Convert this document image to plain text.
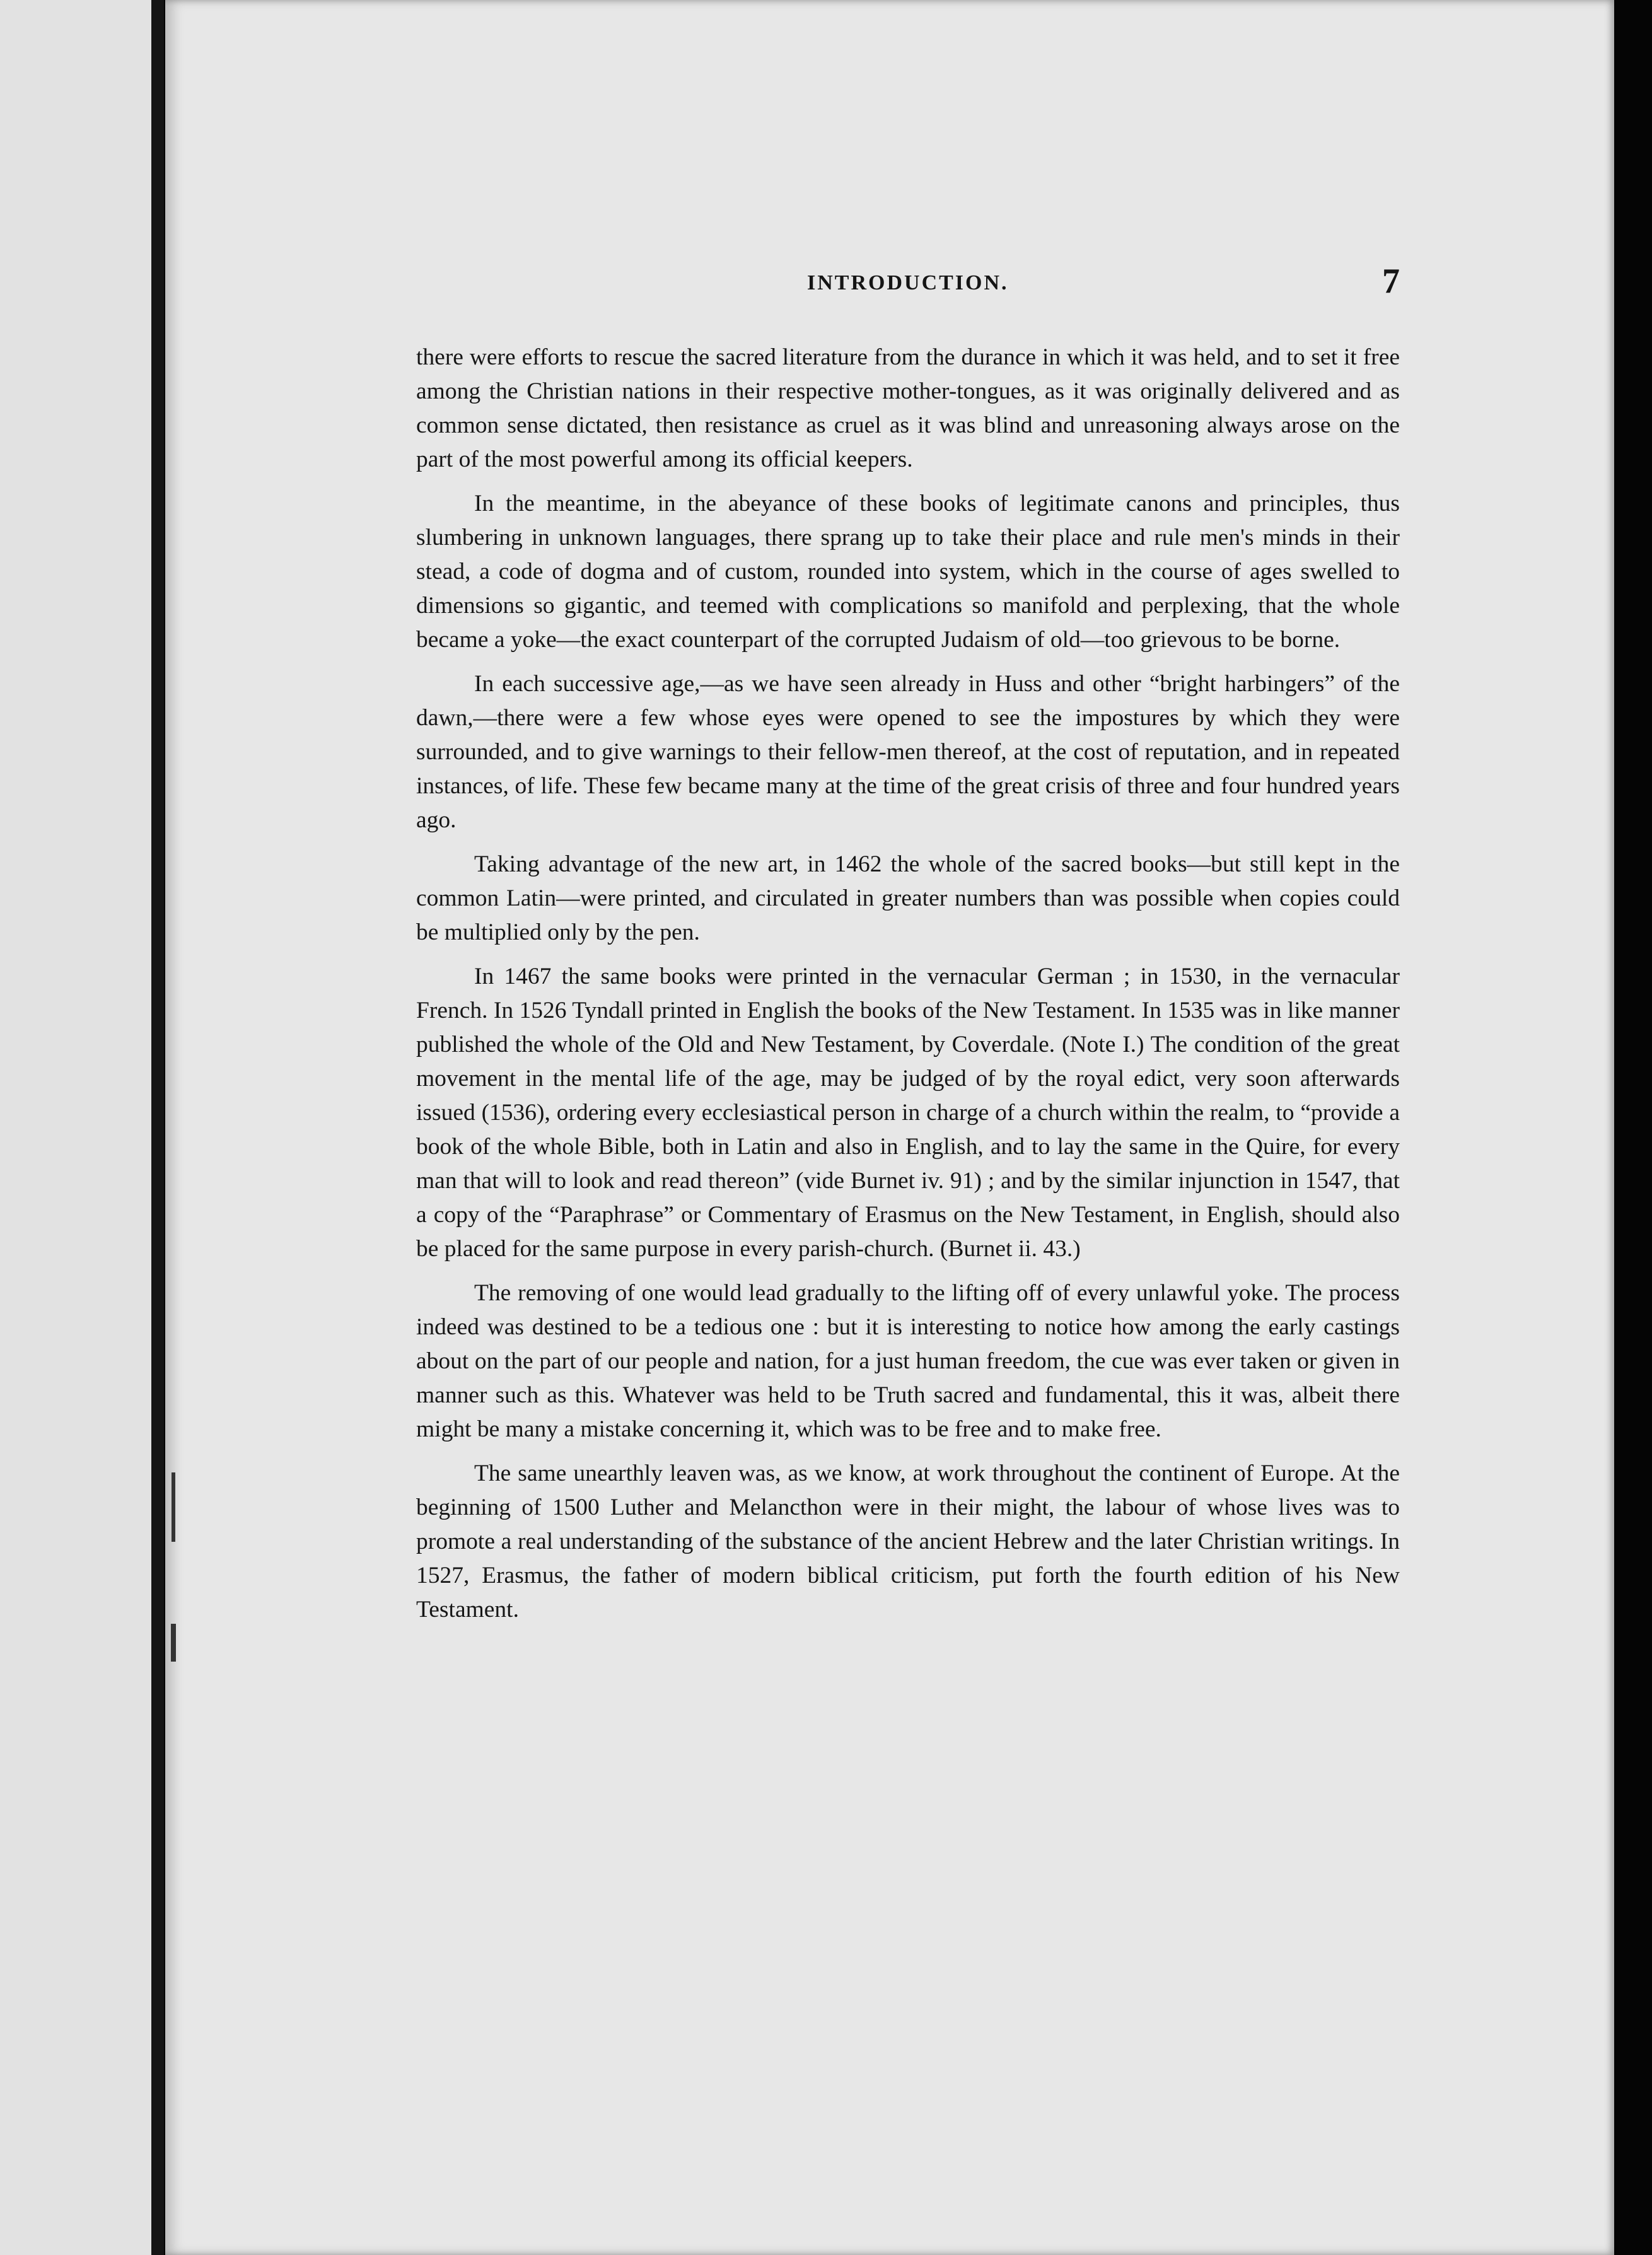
INTRODUCTION.	7

there were efforts to rescue the sacred literature from the durance in which it was held, and to set it free among the Christian nations in their respective mother-tongues, as it was originally delivered and as common sense dictated, then resistance as cruel as it was blind and unreasoning always arose on the part of the most powerful among its official keepers.

In the meantime, in the abeyance of these books of legitimate canons and principles, thus slumbering in unknown languages, there sprang up to take their place and rule men's minds in their stead, a code of dogma and of custom, rounded into system, which in the course of ages swelled to dimensions so gigantic, and teemed with complications so manifold and perplexing, that the whole became a yoke—the exact counterpart of the corrupted Judaism of old—too grievous to be borne.

In each successive age,—as we have seen already in Huss and other “bright harbingers” of the dawn,—there were a few whose eyes were opened to see the impostures by which they were surrounded, and to give warnings to their fellow-men thereof, at the cost of reputation, and in repeated instances, of life. These few became many at the time of the great crisis of three and four hundred years ago.

Taking advantage of the new art, in 1462 the whole of the sacred books—but still kept in the common Latin—were printed, and circulated in greater numbers than was possible when copies could be multiplied only by the pen.

In 1467 the same books were printed in the vernacular German ; in 1530, in the vernacular French. In 1526 Tyndall printed in English the books of the New Testament. In 1535 was in like manner published the whole of the Old and New Testament, by Coverdale. (Note I.) The condition of the great movement in the mental life of the age, may be judged of by the royal edict, very soon afterwards issued (1536), ordering every ecclesiastical person in charge of a church within the realm, to “provide a book of the whole Bible, both in Latin and also in English, and to lay the same in the Quire, for every man that will to look and read thereon” (vide Burnet iv. 91) ; and by the similar injunction in 1547, that a copy of the “Paraphrase” or Commentary of Erasmus on the New Testament, in English, should also be placed for the same purpose in every parish-church. (Burnet ii. 43.)

The removing of one would lead gradually to the lifting off of every unlawful yoke. The process indeed was destined to be a tedious one : but it is interesting to notice how among the early castings about on the part of our people and nation, for a just human freedom, the cue was ever taken or given in manner such as this. Whatever was held to be Truth sacred and fundamental, this it was, albeit there might be many a mistake concerning it, which was to be free and to make free.

The same unearthly leaven was, as we know, at work throughout the continent of Europe. At the beginning of 1500 Luther and Melancthon were in their might, the labour of whose lives was to promote a real understanding of the substance of the ancient Hebrew and the later Christian writings. In 1527, Erasmus, the father of modern biblical criticism, put forth the fourth edition of his New Testament.
